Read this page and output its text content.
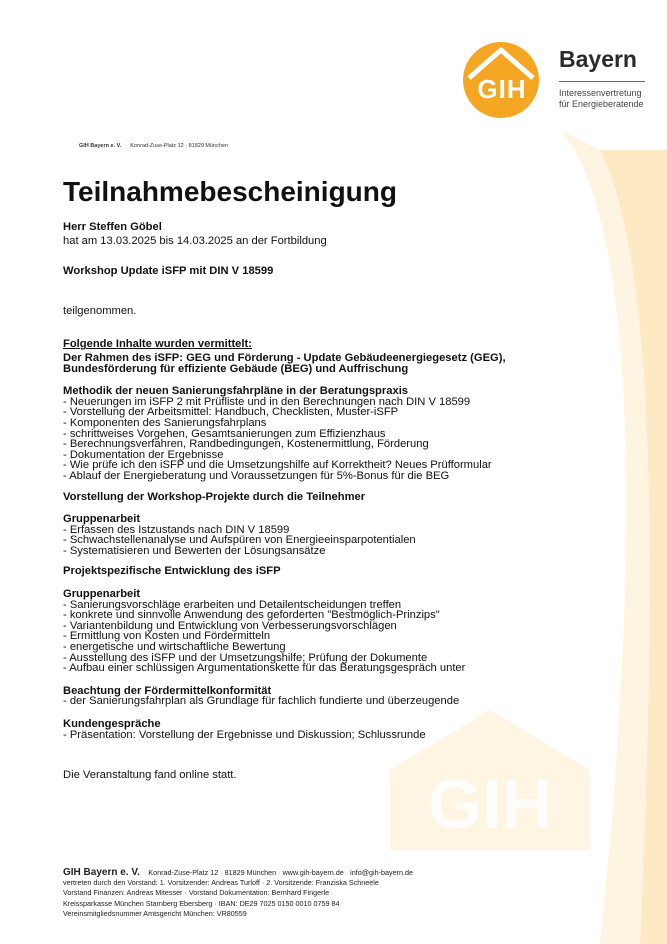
GIH
GIH
Bayern
Interessenvertretung
für Energieberatende
GIH Bayern e. V. · Konrad-Zuse-Platz 12 · 81829 München
Teilnahmebescheinigung

Herr Steffen Göbel

hat am 13.03.2025 bis 14.03.2025 an der Fortbildung

Workshop Update iSFP mit DIN V 18599

teilgenommen.

Folgende Inhalte wurden vermittelt:

Der Rahmen des iSFP: GEG und Förderung - Update Gebäudeenergiegesetz (GEG), Bundesförderung für effiziente Gebäude (BEG) und Auffrischung

Methodik der neuen Sanierungsfahrpläne in der Beratungspraxis

- Neuerungen im iSFP 2 mit Prüfliste und in den Berechnungen nach DIN V 18599

- Vorstellung der Arbeitsmittel: Handbuch, Checklisten, Muster-iSFP

- Komponenten des Sanierungsfahrplans

- schrittweises Vorgehen, Gesamtsanierungen zum Effizienzhaus

- Berechnungsverfahren, Randbedingungen, Kostenermittlung, Förderung

- Dokumentation der Ergebnisse

- Wie prüfe ich den iSFP und die Umsetzungshilfe auf Korrektheit? Neues Prüfformular

- Ablauf der Energieberatung und Voraussetzungen für 5%-Bonus für die BEG

Vorstellung der Workshop-Projekte durch die Teilnehmer

Gruppenarbeit

- Erfassen des Istzustands nach DIN V 18599

- Schwachstellenanalyse und Aufspüren von Energieeinsparpotentialen

- Systematisieren und Bewerten der Lösungsansätze

Projektspezifische Entwicklung des iSFP

Gruppenarbeit

- Sanierungsvorschläge erarbeiten und Detailentscheidungen treffen

- konkrete und sinnvolle Anwendung des geforderten "Bestmöglich-Prinzips"

- Variantenbildung und Entwicklung von Verbesserungsvorschlägen

- Ermittlung von Kosten und Fördermitteln

- energetische und wirtschaftliche Bewertung

- Ausstellung des iSFP und der Umsetzungshilfe; Prüfung der Dokumente

- Aufbau einer schlüssigen Argumentationskette für das Beratungsgespräch unter

Beachtung der Fördermittelkonformität

- der Sanierungsfahrplan als Grundlage für fachlich fundierte und überzeugende

Kundengespräche

- Präsentation: Vorstellung der Ergebnisse und Diskussion; Schlussrunde

Die Veranstaltung fand online statt.

GIH Bayern e. V. · Konrad-Zuse-Platz 12 · 81829 München · www.gih-bayern.de · info@gih-bayern.de
vertreten durch den Vorstand: 1. Vorsitzender: Andreas Turloff · 2. Vorsitzende: Franziska Schneele
Vorstand Finanzen: Andreas Mitesser · Vorstand Dokumentation: Bernhard Fingerle
Kreissparkasse München Starnberg Ebersberg · IBAN: DE29 7025 0150 0010 0759 84
Vereinsmitgliedsnummer Amtsgericht München: VR80559
